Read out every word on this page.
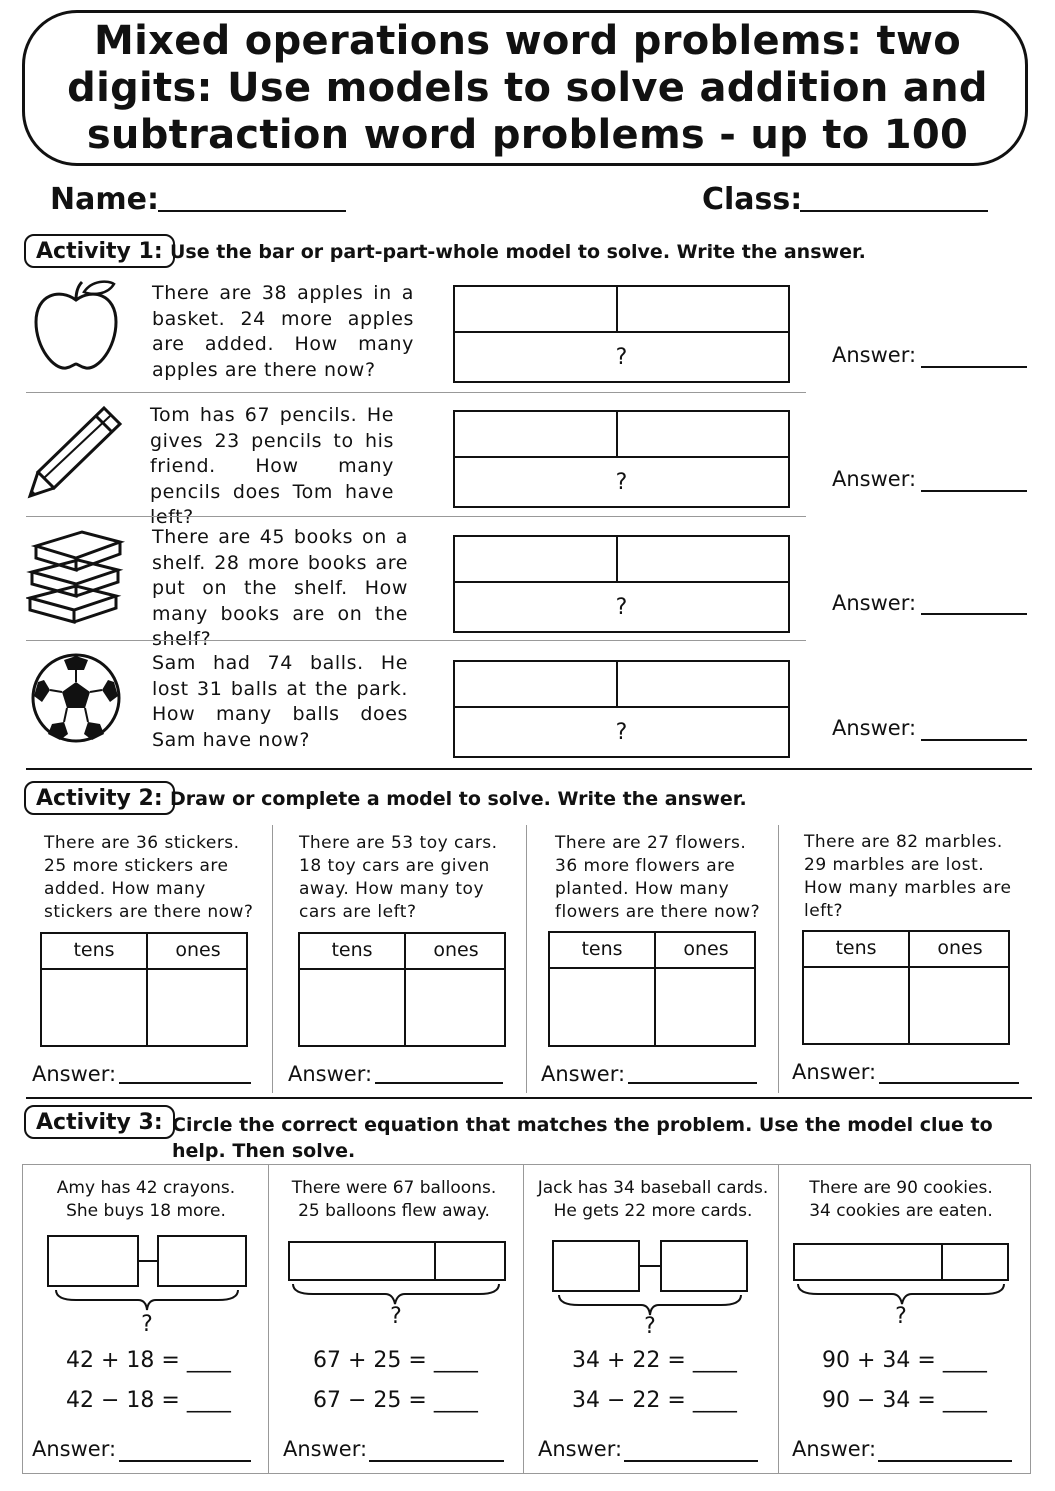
Mixed operations word problems: two digits: Use models to solve addition and subtraction word problems - up to 100
Name:	Class:
Activity 1: Use the bar or part-part-whole model to solve. Write the answer.
There are 38 apples in a basket. 24 more apples are added. How many apples are there now?
Tom has 67 pencils. He gives 23 pencils to his friend. How many pencils does Tom have left?
There are 45 books on a shelf. 28 more books are put on the shelf. How many books are on the shelf?
Sam had 74 balls. He lost 31 balls at the park. How many balls does Sam have now?
?
?
?
?
Answer:
Answer:
Answer:
Answer:
Activity 2: Draw or complete a model to solve. Write the answer.
There are 36 stickers. 25 more stickers are added. How many stickers are there now?
There are 53 toy cars. 18 toy cars are given away. How many toy cars are left?
There are 27 flowers. 36 more flowers are planted. How many flowers are there now?
There are 82 marbles. 29 marbles are lost. How many marbles are left?
tens	ones	tens	ones	tens	ones	tens	ones
Answer:	Answer:	Answer:	Answer:
Activity 3: Circle the correct equation that matches the problem. Use the model clue to help. Then solve.
Amy has 42 crayons.
She buys 18 more.
?
42 + 18 = ____
42 − 18 = ____
Answer:
There were 67 balloons.
25 balloons flew away.
?
67 + 25 = ____
67 − 25 = ____
Answer:
Jack has 34 baseball cards.
He gets 22 more cards.
?
34 + 22 = ____
34 − 22 = ____
Answer:
There are 90 cookies.
34 cookies are eaten.
?
90 + 34 = ____
90 − 34 = ____
Answer:
